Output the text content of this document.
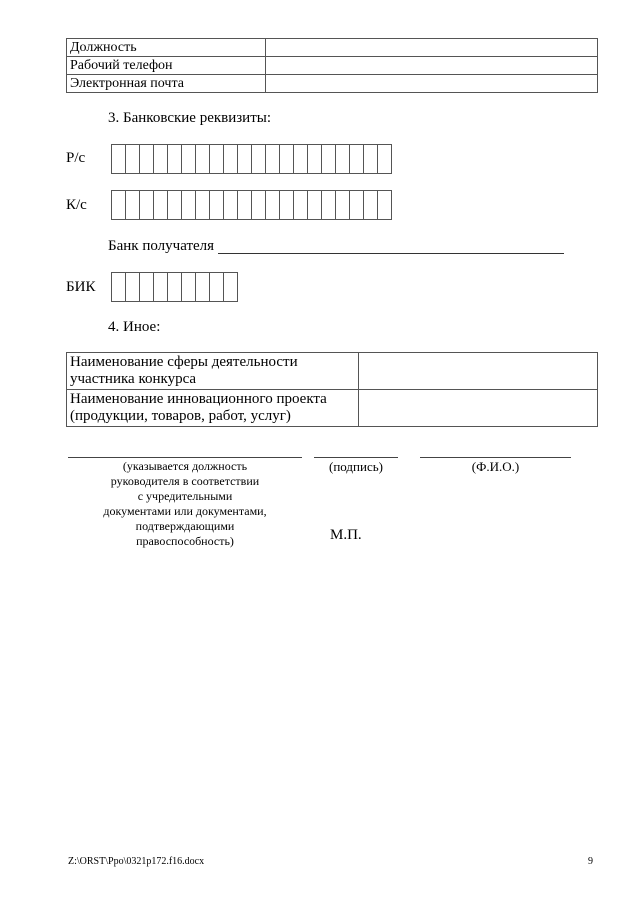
Должность	
Рабочий телефон	
Электронная почта	
3. Банковские реквизиты:
Р/с
К/с
Банк получателя
БИК
4. Иное:
Наименование сферы деятельности
участника конкурса	

Наименование инновационного проекта
(продукции, товаров, работ, услуг)	

(указывается должность
руководителя в соответствии
с учредительными
документами или документами,
подтверждающими
правоспособность)
(подпись)	(Ф.И.О.)
М.П.
Z:\ORST\Ppo\0321p172.f16.docx	9
